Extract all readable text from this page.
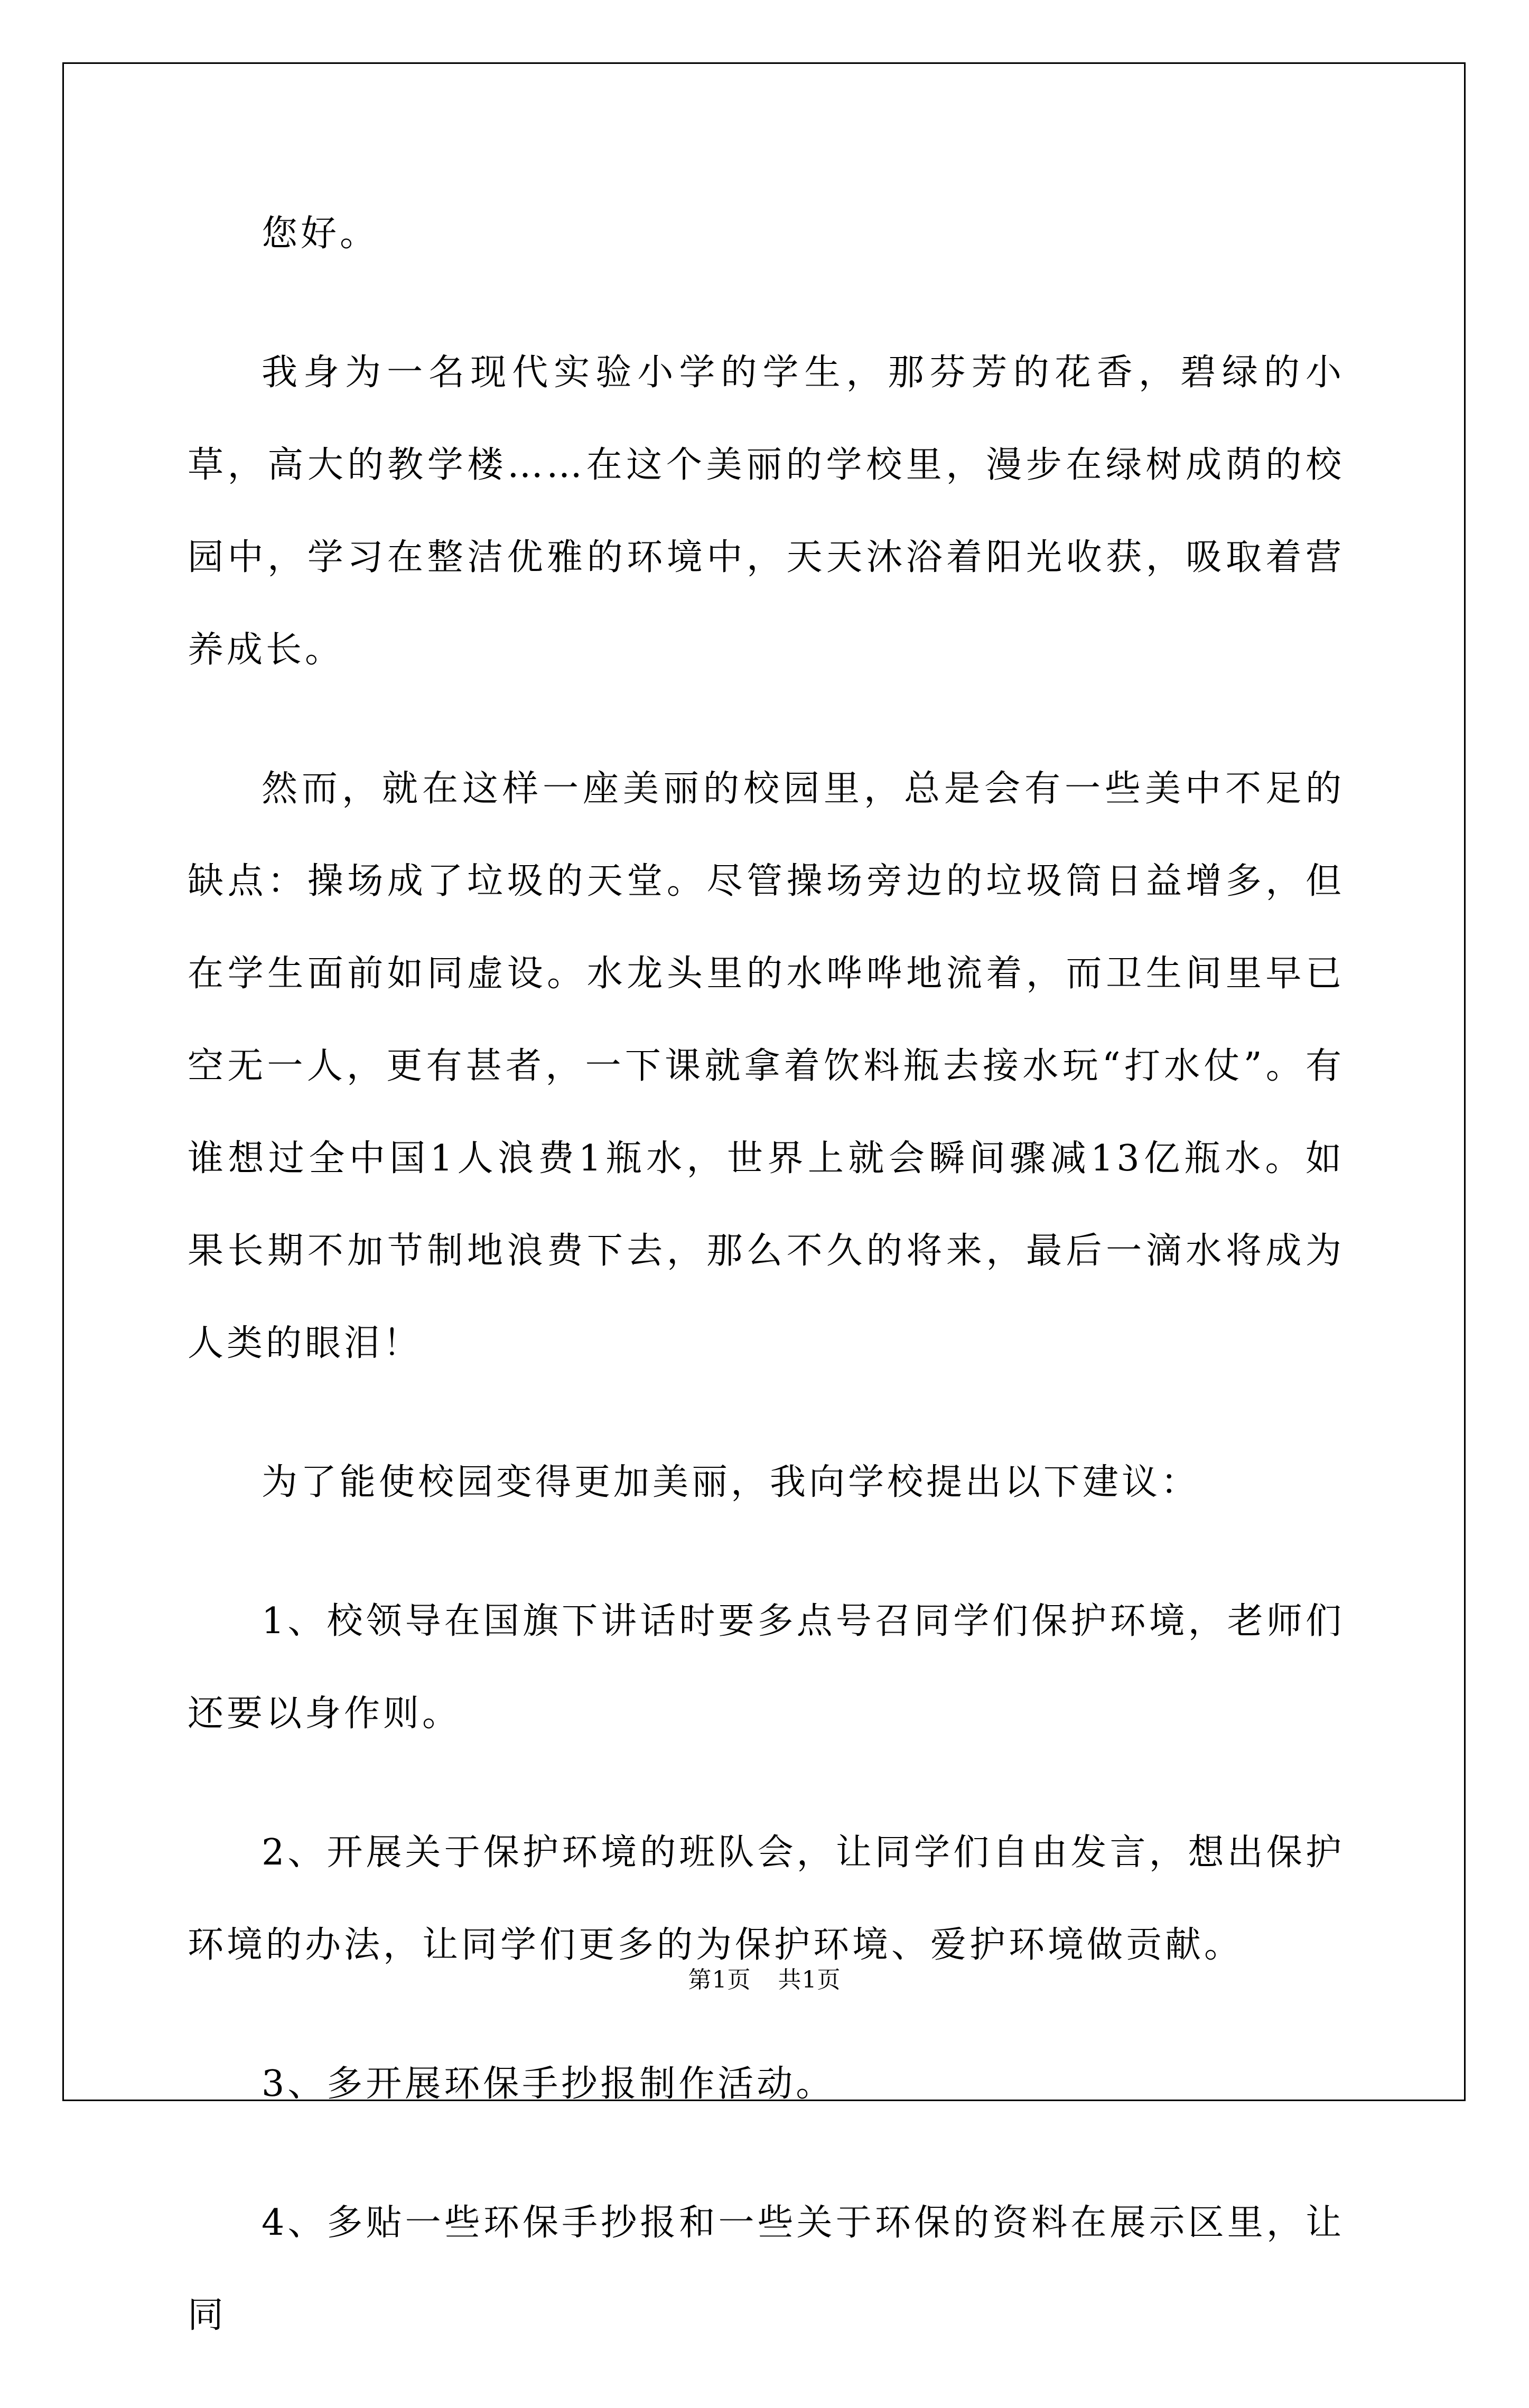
您好。

我身为一名现代实验小学的学生，那芬芳的花香，碧绿的小草，高大的教学楼……在这个美丽的学校里，漫步在绿树成荫的校园中，学习在整洁优雅的环境中，天天沐浴着阳光收获，吸取着营养成长。

然而，就在这样一座美丽的校园里，总是会有一些美中不足的缺点：操场成了垃圾的天堂。尽管操场旁边的垃圾筒日益增多，但在学生面前如同虚设。水龙头里的水哗哗地流着，而卫生间里早已空无一人，更有甚者，一下课就拿着饮料瓶去接水玩“打水仗”。有谁想过全中国1人浪费1瓶水，世界上就会瞬间骤减13亿瓶水。如果长期不加节制地浪费下去，那么不久的将来，最后一滴水将成为人类的眼泪！

为了能使校园变得更加美丽，我向学校提出以下建议：

1、校领导在国旗下讲话时要多点号召同学们保护环境，老师们还要以身作则。

2、开展关于保护环境的班队会，让同学们自由发言，想出保护环境的办法，让同学们更多的为保护环境、爱护环境做贡献。

3、多开展环保手抄报制作活动。

4、多贴一些环保手抄报和一些关于环保的资料在展示区里，让同

第1页 共1页
